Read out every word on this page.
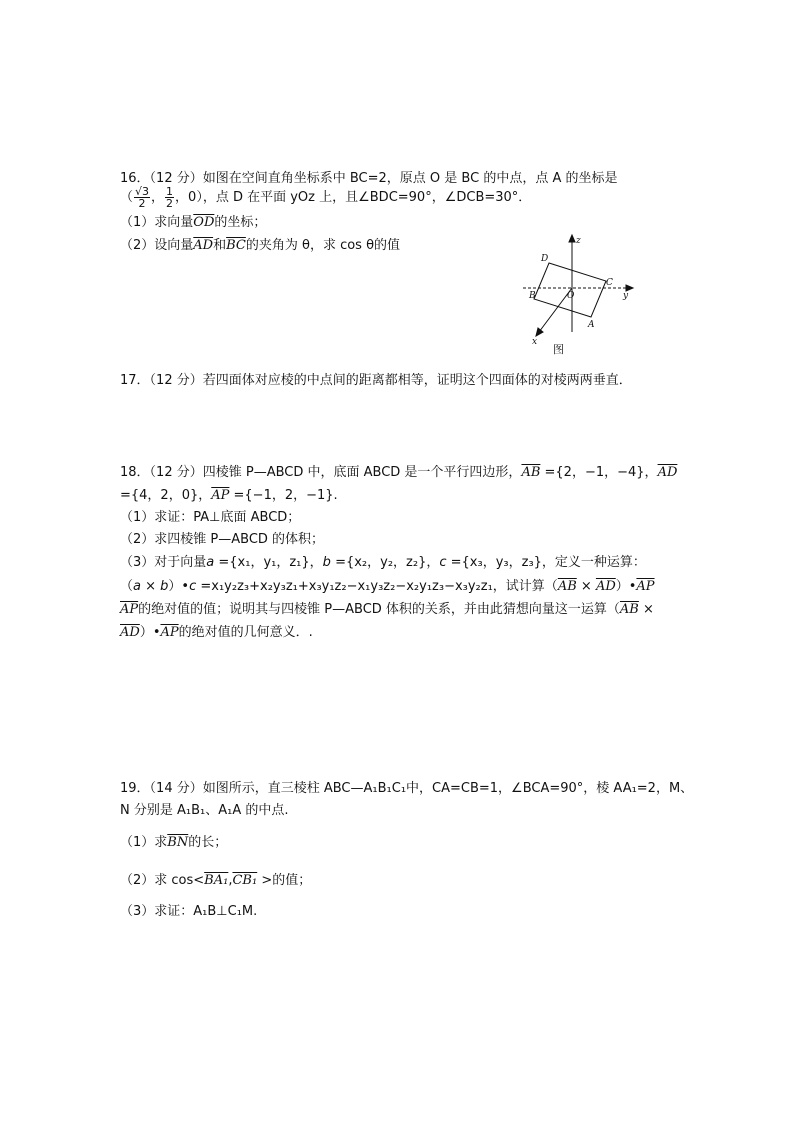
16．（12 分）如图在空间直角坐标系中 BC=2，原点 O 是 BC 的中点，点 A 的坐标是
（ $\frac{√3}{2}$ ， $\frac{1}{2}$ ，0），点 D 在平面 yOz 上，且∠BDC=90°，∠DCB=30°．
（1）求向量$\overline{OD}$的坐标；
（2）设向量$\overline{AD}$和$\overline{BC}$的夹角为 θ，求 cos θ的值	z
y
x
D
C
B	O
A
图
17．（12 分）若四面体对应棱的中点间的距离都相等，证明这个四面体的对棱两两垂直．
18．（12 分）四棱锥 P—ABCD 中，底面 ABCD 是一个平行四边形，$\overline{AB} =\{2$，−1，−4}，$\overline{AD}$
={4，2，0}，$\overline{AP} =\{-1$，2，−1}.
（1）求证：PA⊥底面 ABCD；
（2）求四棱锥 P—ABCD 的体积；
（3）对于向量a ={x₁，y₁，z₁}，b ={x₂，y₂，z₂}，c ={x₃，y₃，z₃}，定义一种运算：
（a × b）•c =x₁y₂z₃+x₂y₃z₁+x₃y₁z₂−x₁y₃z₂−x₂y₁z₃−x₃y₂z₁，试计算（$\overline{AB}$ × $\overline{AD})•\overline{AP}$
$\overline{AP}$的绝对值的值；说明其与四棱锥 P—ABCD 体积的关系，并由此猜想向量这一运算（$\overline{AB}$ ×
$\overline{AD})•\overline{AP}$的绝对值的几何意义．.
19．（14 分）如图所示，直三棱柱 ABC—A₁B₁C₁中，CA=CB=1，∠BCA=90°，棱 AA₁=2，M、
N 分别是 A₁B₁、A₁A 的中点.
（1）求$\overline{BN}$的长；
（2）求 cos<BA₁,CB₁ >的值；
（3）求证：A₁B⊥C₁M.
